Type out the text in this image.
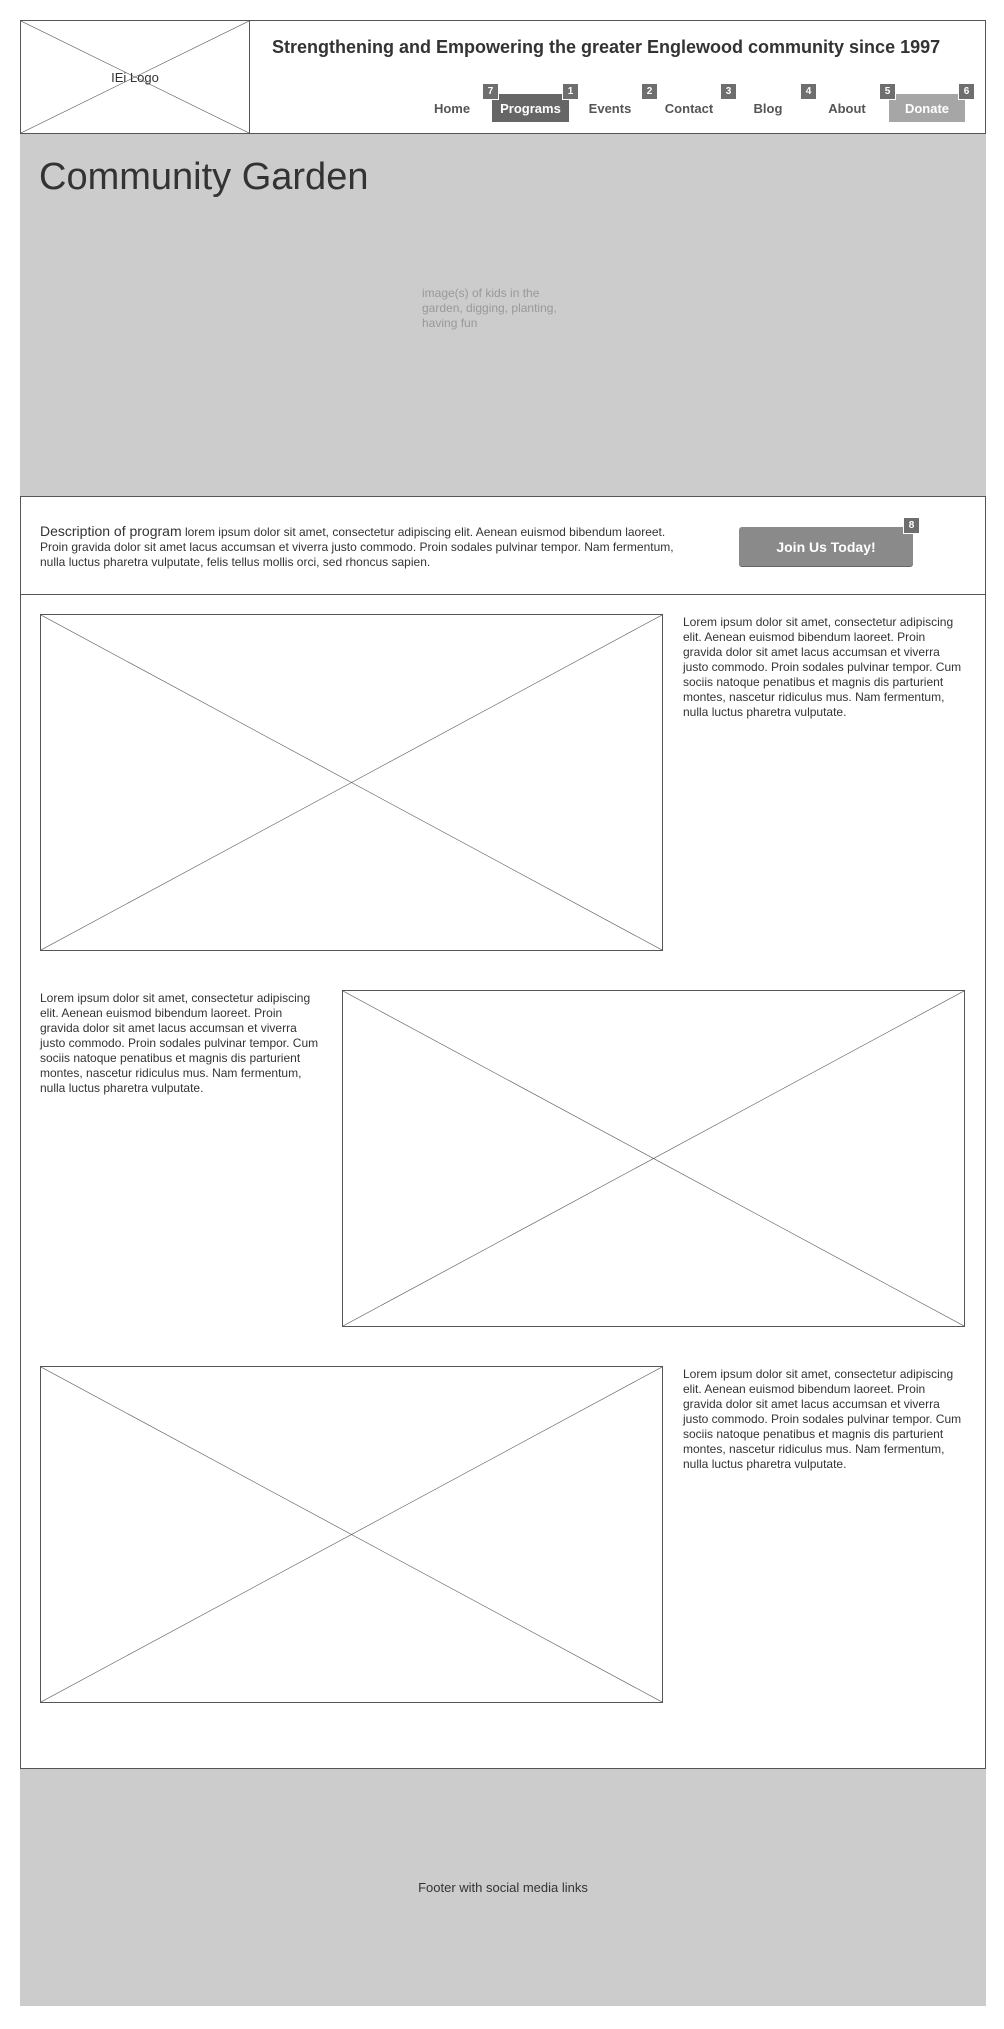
IEi Logo
Strengthening and Empowering the greater Englewood community since 1997
Home Programs Events	Contact	Blog	About	Donate
7	1	2	3	4	5	6
Community Garden
image(s) of kids in the garden, digging, planting, having fun
Description of program lorem ipsum dolor sit amet, consectetur adipiscing elit. Aenean euismod bibendum laoreet. Proin gravida dolor sit amet lacus accumsan et viverra justo commodo. Proin sodales pulvinar tempor. Nam fermentum, nulla luctus pharetra vulputate, felis tellus mollis orci, sed rhoncus sapien.
Join Us Today!
8
Lorem ipsum dolor sit amet, consectetur adipiscing elit. Aenean euismod bibendum laoreet. Proin gravida dolor sit amet lacus accumsan et viverra justo commodo. Proin sodales pulvinar tempor. Cum sociis natoque penatibus et magnis dis parturient montes, nascetur ridiculus mus. Nam fermentum, nulla luctus pharetra vulputate.
Lorem ipsum dolor sit amet, consectetur adipiscing elit. Aenean euismod bibendum laoreet. Proin gravida dolor sit amet lacus accumsan et viverra justo commodo. Proin sodales pulvinar tempor. Cum sociis natoque penatibus et magnis dis parturient montes, nascetur ridiculus mus. Nam fermentum, nulla luctus pharetra vulputate.
Lorem ipsum dolor sit amet, consectetur adipiscing elit. Aenean euismod bibendum laoreet. Proin gravida dolor sit amet lacus accumsan et viverra justo commodo. Proin sodales pulvinar tempor. Cum sociis natoque penatibus et magnis dis parturient montes, nascetur ridiculus mus. Nam fermentum, nulla luctus pharetra vulputate.
Footer with social media links
